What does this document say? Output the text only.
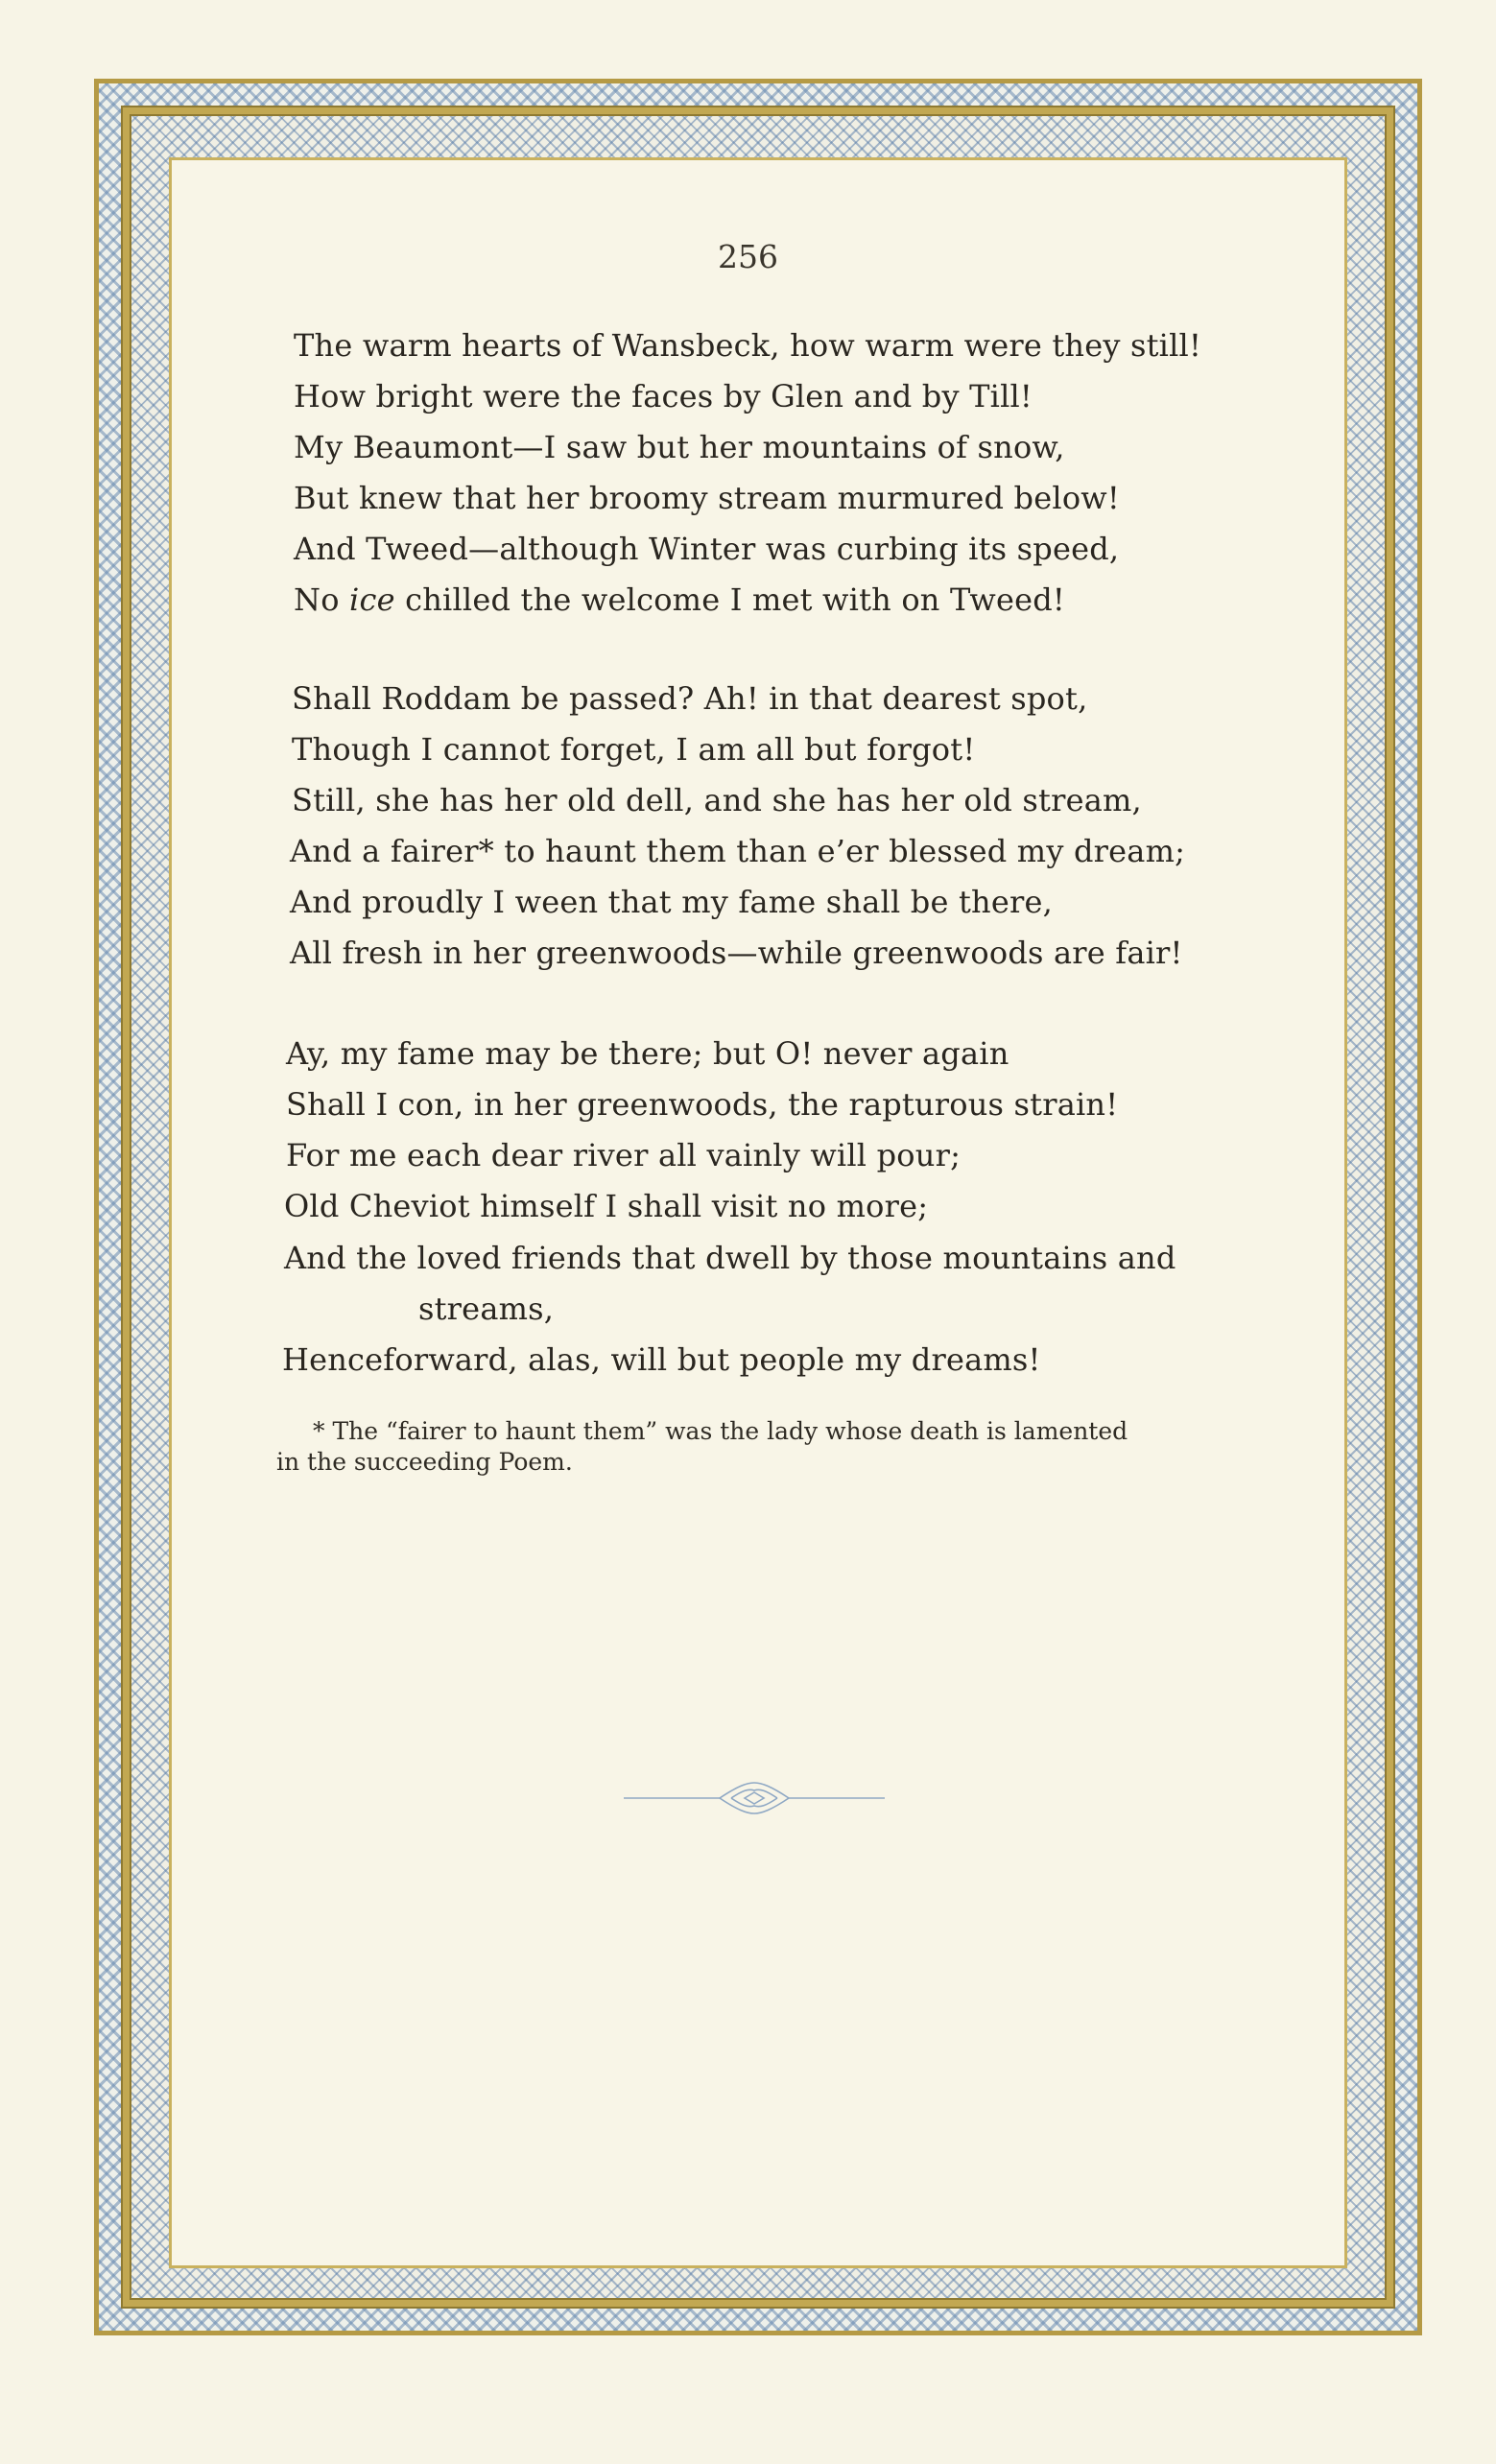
256
The warm hearts of Wansbeck, how warm were they still!
How bright were the faces by Glen and by Till!
My Beaumont—I saw but her mountains of snow,
But knew that her broomy stream murmured below!
And Tweed—although Winter was curbing its speed,
No ice chilled the welcome I met with on Tweed!
Shall Roddam be passed? Ah! in that dearest spot,
Though I cannot forget, I am all but forgot!
Still, she has her old dell, and she has her old stream,
And a fairer* to haunt them than e’er blessed my dream;
And proudly I ween that my fame shall be there,
All fresh in her greenwoods—while greenwoods are fair!
Ay, my fame may be there; but O! never again
Shall I con, in her greenwoods, the rapturous strain!
For me each dear river all vainly will pour;
Old Cheviot himself I shall visit no more;
And the loved friends that dwell by those mountains and
streams,
Henceforward, alas, will but people my dreams!
* The “fairer to haunt them” was the lady whose death is lamented
in the succeeding Poem.
